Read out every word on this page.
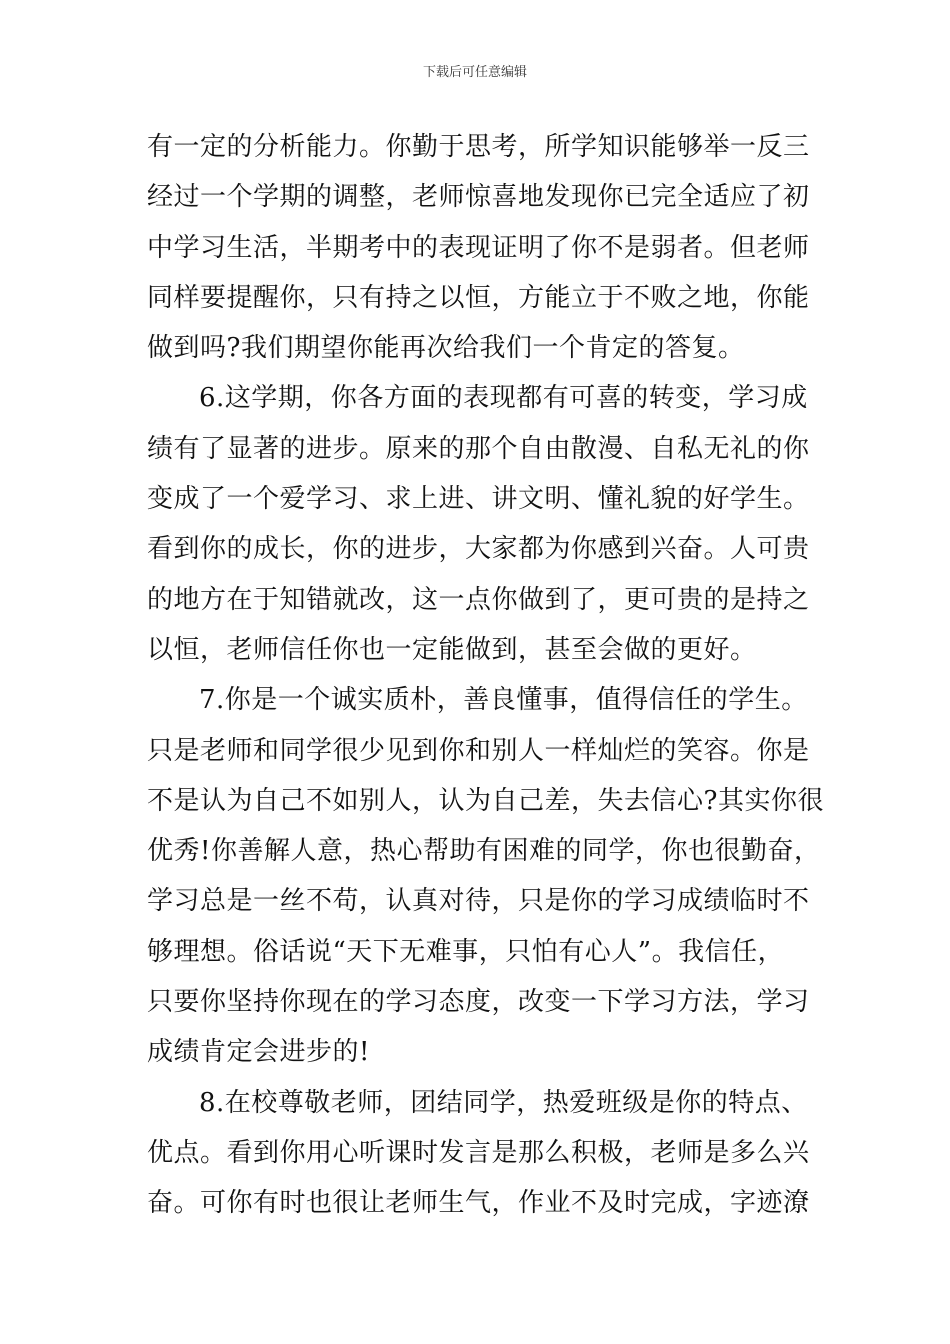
下载后可任意编辑
有一定的分析能力。你勤于思考，所学知识能够举一反三
经过一个学期的调整，老师惊喜地发现你已完全适应了初
中学习生活，半期考中的表现证明了你不是弱者。但老师
同样要提醒你，只有持之以恒，方能立于不败之地，你能
做到吗?我们期望你能再次给我们一个肯定的答复。
6.这学期，你各方面的表现都有可喜的转变，学习成
绩有了显著的进步。原来的那个自由散漫、自私无礼的你
变成了一个爱学习、求上进、讲文明、懂礼貌的好学生。
看到你的成长，你的进步，大家都为你感到兴奋。人可贵
的地方在于知错就改，这一点你做到了，更可贵的是持之
以恒，老师信任你也一定能做到，甚至会做的更好。
7.你是一个诚实质朴，善良懂事，值得信任的学生。
只是老师和同学很少见到你和别人一样灿烂的笑容。你是
不是认为自己不如别人，认为自己差，失去信心?其实你很
优秀!你善解人意，热心帮助有困难的同学，你也很勤奋，
学习总是一丝不苟，认真对待，只是你的学习成绩临时不
够理想。俗话说“天下无难事，只怕有心人”。我信任，
只要你坚持你现在的学习态度，改变一下学习方法，学习
成绩肯定会进步的!
8.在校尊敬老师，团结同学，热爱班级是你的特点、
优点。看到你用心听课时发言是那么积极，老师是多么兴
奋。可你有时也很让老师生气，作业不及时完成，字迹潦
